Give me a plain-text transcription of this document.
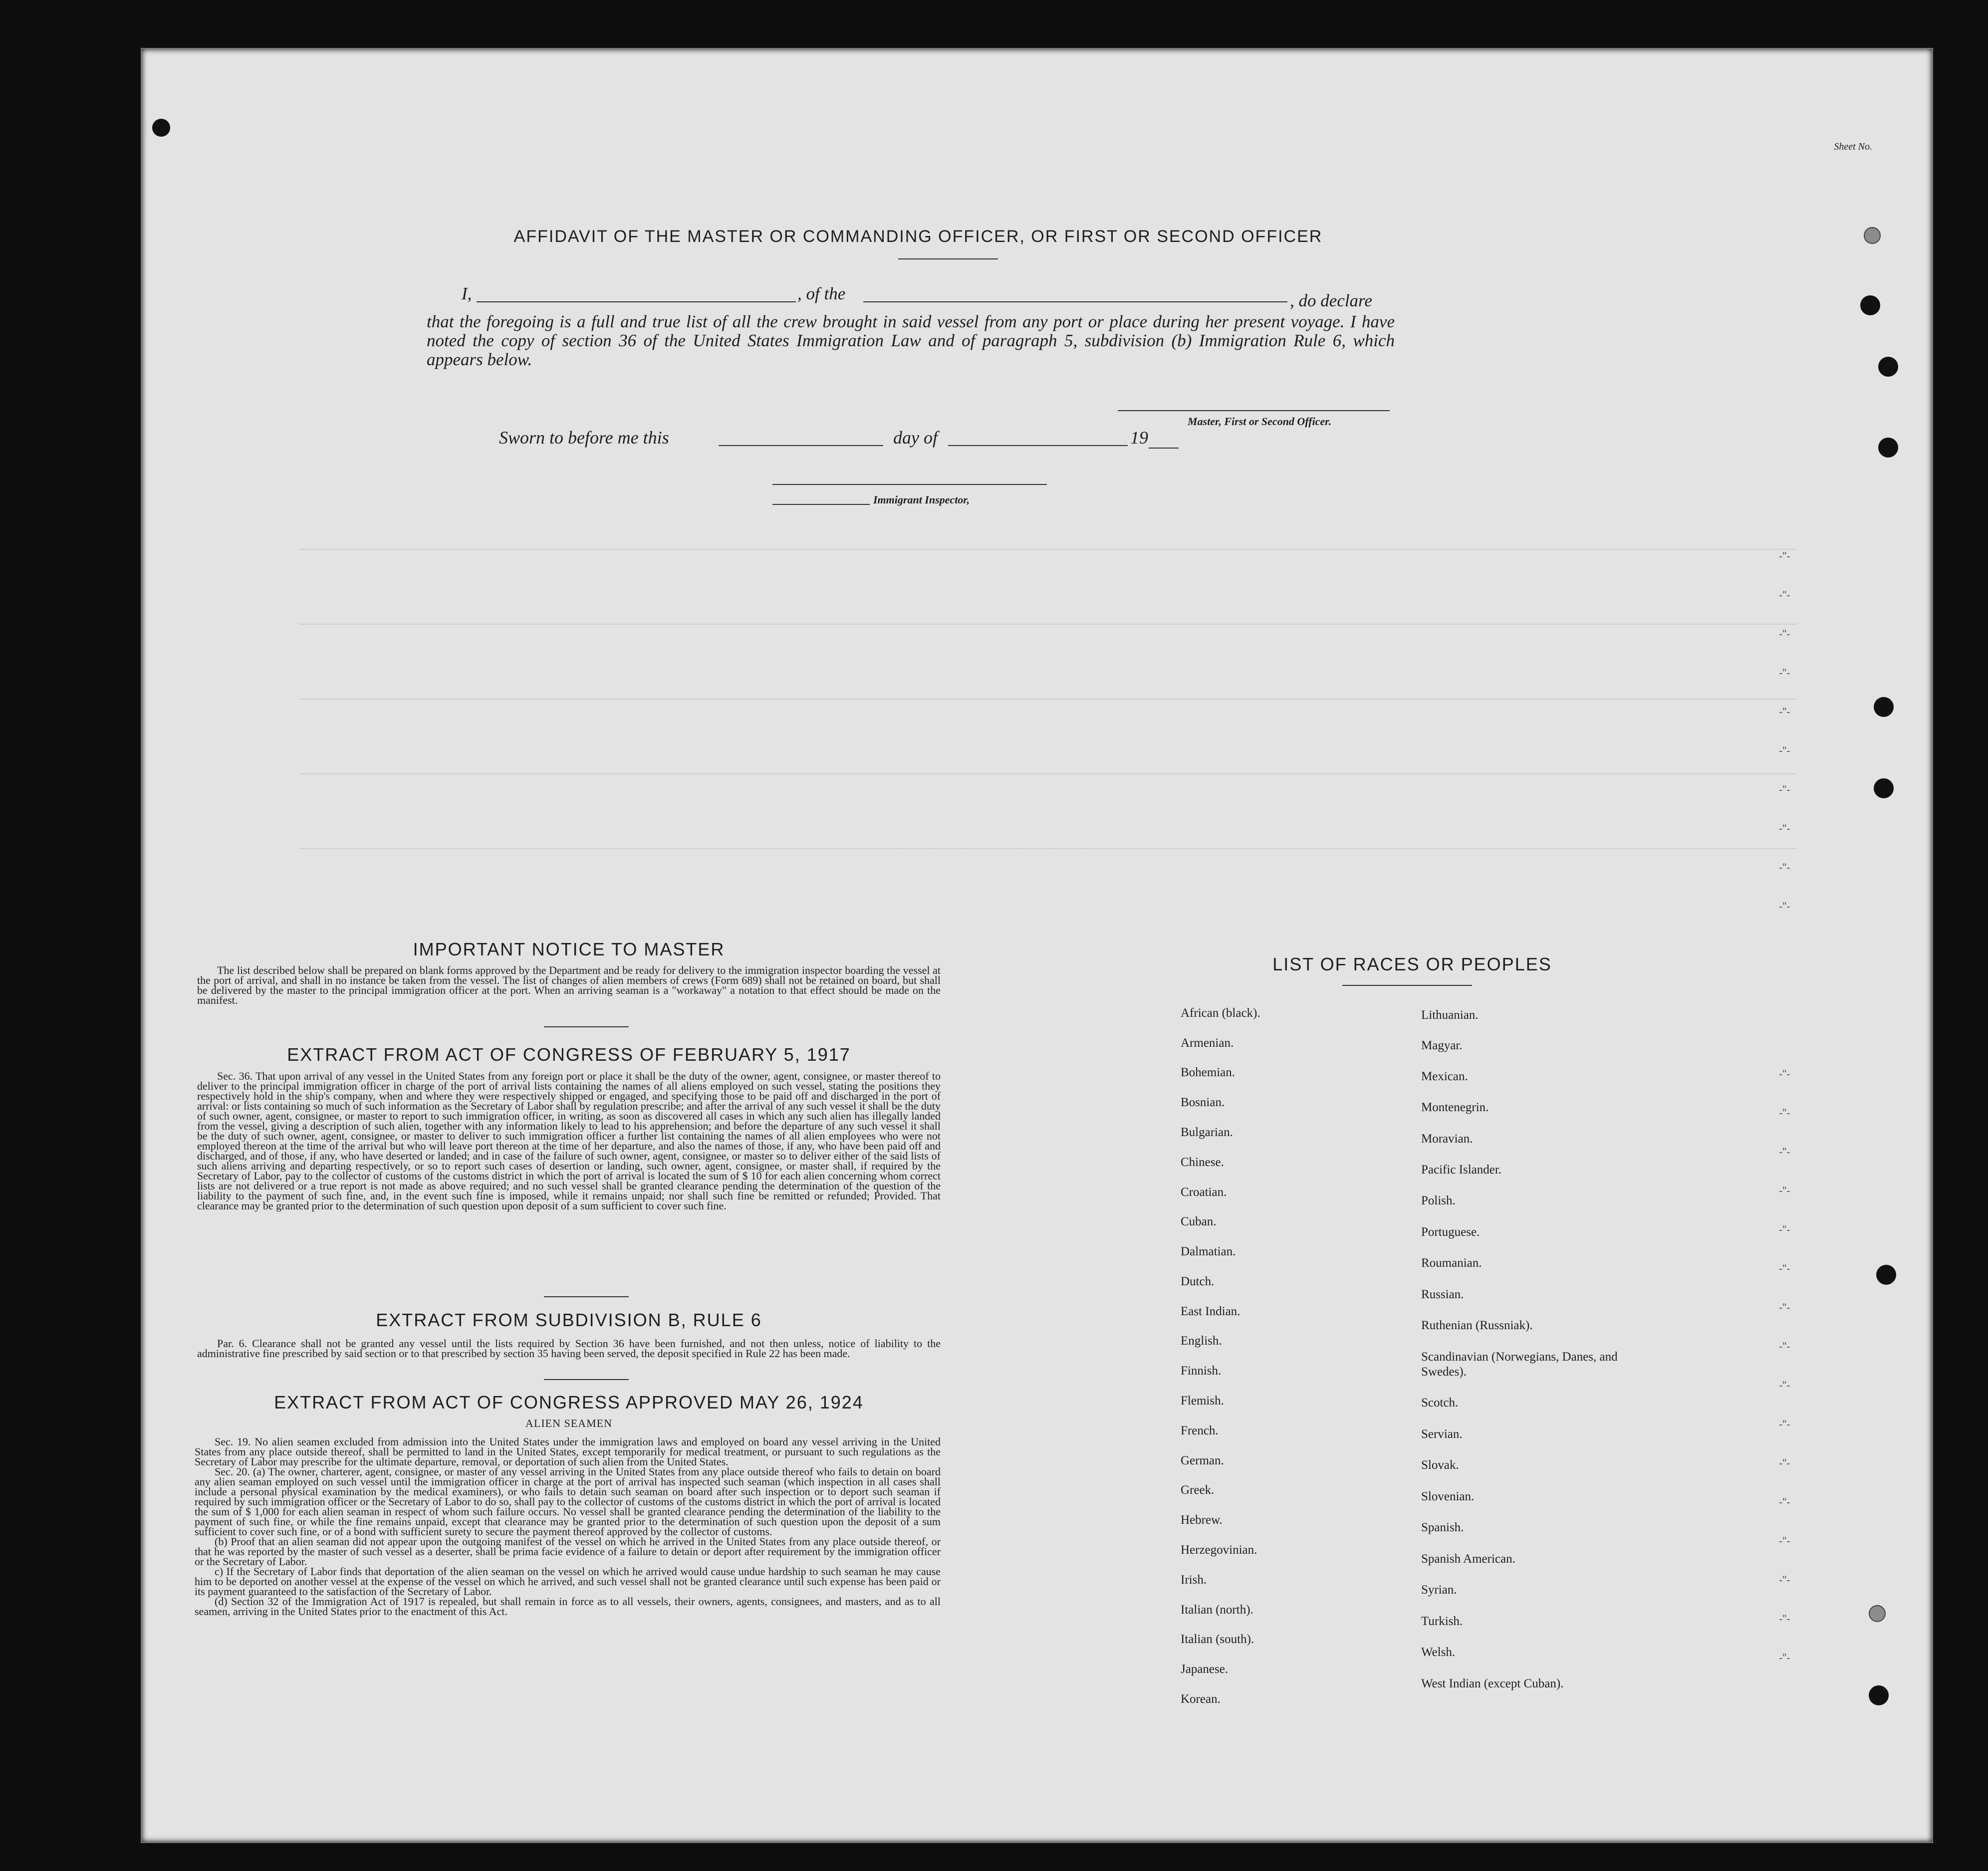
Sheet No.
-"-
-"-
-"-
-"-
-"-
-"-
-"-
-"-
-"-
-"-
-"-
-"-
-"-
-"-
-"-
-"-
-"-
-"-
-"-
-"-
-"-
-"-
-"-
-"-
-"-
-"-
AFFIDAVIT OF THE MASTER OR COMMANDING OFFICER, OR FIRST OR SECOND OFFICER
I,	, of the	, do declare

that the foregoing is a full and true list of all the crew brought in said vessel from any port or place during her present voyage. I have noted the copy of section 36 of the United States Immigration Law and of paragraph 5, subdivision (b) Immigration Rule 6, which appears below.

Master, First or Second Officer.
Sworn to before me this	day of	19
Immigrant Inspector,
IMPORTANT NOTICE TO MASTER

The list described below shall be prepared on blank forms approved by the Department and be ready for delivery to the immigration inspector boarding the vessel at the port of arrival, and shall in no instance be taken from the vessel. The list of changes of alien members of crews (Form 689) shall not be retained on board, but shall be delivered by the master to the principal immigration officer at the port. When an arriving seaman is a "workaway" a notation to that effect should be made on the manifest.

EXTRACT FROM ACT OF CONGRESS OF FEBRUARY 5, 1917

Sec. 36. That upon arrival of any vessel in the United States from any foreign port or place it shall be the duty of the owner, agent, consignee, or master thereof to deliver to the principal immigration officer in charge of the port of arrival lists containing the names of all aliens employed on such vessel, stating the positions they respectively hold in the ship's company, when and where they were respectively shipped or engaged, and specifying those to be paid off and discharged in the port of arrival: or lists containing so much of such information as the Secretary of Labor shall by regulation prescribe; and after the arrival of any such vessel it shall be the duty of such owner, agent, consignee, or master to report to such immigration officer, in writing, as soon as discovered all cases in which any such alien has illegally landed from the vessel, giving a description of such alien, together with any information likely to lead to his apprehension; and before the departure of any such vessel it shall be the duty of such owner, agent, consignee, or master to deliver to such immigration officer a further list containing the names of all alien employees who were not employed thereon at the time of the arrival but who will leave port thereon at the time of her departure, and also the names of those, if any, who have been paid off and discharged, and of those, if any, who have deserted or landed; and in case of the failure of such owner, agent, consignee, or master so to deliver either of the said lists of such aliens arriving and departing respectively, or so to report such cases of desertion or landing, such owner, agent, consignee, or master shall, if required by the Secretary of Labor, pay to the collector of customs of the customs district in which the port of arrival is located the sum of $ 10 for each alien concerning whom correct lists are not delivered or a true report is not made as above required; and no such vessel shall be granted clearance pending the determination of the question of the liability to the payment of such fine, and, in the event such fine is imposed, while it remains unpaid; nor shall such fine be remitted or refunded; Provided. That clearance may be granted prior to the determination of such question upon deposit of a sum sufficient to cover such fine.

EXTRACT FROM SUBDIVISION B, RULE 6

Par. 6. Clearance shall not be granted any vessel until the lists required by Section 36 have been furnished, and not then unless, notice of liability to the administrative fine prescribed by said section or to that prescribed by section 35 having been served, the deposit specified in Rule 22 has been made.

EXTRACT FROM ACT OF CONGRESS APPROVED MAY 26, 1924
ALIEN SEAMEN

Sec. 19. No alien seamen excluded from admission into the United States under the immigration laws and employed on board any vessel arriving in the United States from any place outside thereof, shall be permitted to land in the United States, except temporarily for medical treatment, or pursuant to such regulations as the Secretary of Labor may prescribe for the ultimate departure, removal, or deportation of such alien from the United States.

Sec. 20. (a) The owner, charterer, agent, consignee, or master of any vessel arriving in the United States from any place outside thereof who fails to detain on board any alien seaman employed on such vessel until the immigration officer in charge at the port of arrival has inspected such seaman (which inspection in all cases shall include a personal physical examination by the medical examiners), or who fails to detain such seaman on board after such inspection or to deport such seaman if required by such immigration officer or the Secretary of Labor to do so, shall pay to the collector of customs of the customs district in which the port of arrival is located the sum of $ 1,000 for each alien seaman in respect of whom such failure occurs. No vessel shall be granted clearance pending the determination of the liability to the payment of such fine, or while the fine remains unpaid, except that clearance may be granted prior to the determination of such question upon the deposit of a sum sufficient to cover such fine, or of a bond with sufficient surety to secure the payment thereof approved by the collector of customs.

(b) Proof that an alien seaman did not appear upon the outgoing manifest of the vessel on which he arrived in the United States from any place outside thereof, or that he was reported by the master of such vessel as a deserter, shall be prima facie evidence of a failure to detain or deport after requirement by the immigration officer or the Secretary of Labor.

c) If the Secretary of Labor finds that deportation of the alien seaman on the vessel on which he arrived would cause undue hardship to such seaman he may cause him to be deported on another vessel at the expense of the vessel on which he arrived, and such vessel shall not be granted clearance until such expense has been paid or its payment guaranteed to the satisfaction of the Secretary of Labor.

(d) Section 32 of the Immigration Act of 1917 is repealed, but shall remain in force as to all vessels, their owners, agents, consignees, and masters, and as to all seamen, arriving in the United States prior to the enactment of this Act.

LIST OF RACES OR PEOPLES
African (black).
Armenian.
Bohemian.
Bosnian.
Bulgarian.
Chinese.
Croatian.
Cuban.
Dalmatian.
Dutch.
East Indian.
English.
Finnish.
Flemish.
French.
German.
Greek.
Hebrew.
Herzegovinian.
Irish.
Italian (north).
Italian (south).
Japanese.
Korean.
Lithuanian.
Magyar.
Mexican.
Montenegrin.
Moravian.
Pacific Islander.
Polish.
Portuguese.
Roumanian.
Russian.
Ruthenian (Russniak).
Scandinavian (Norwegians, Danes, and Swedes).
Scotch.
Servian.
Slovak.
Slovenian.
Spanish.
Spanish American.
Syrian.
Turkish.
Welsh.
West Indian (except Cuban).
